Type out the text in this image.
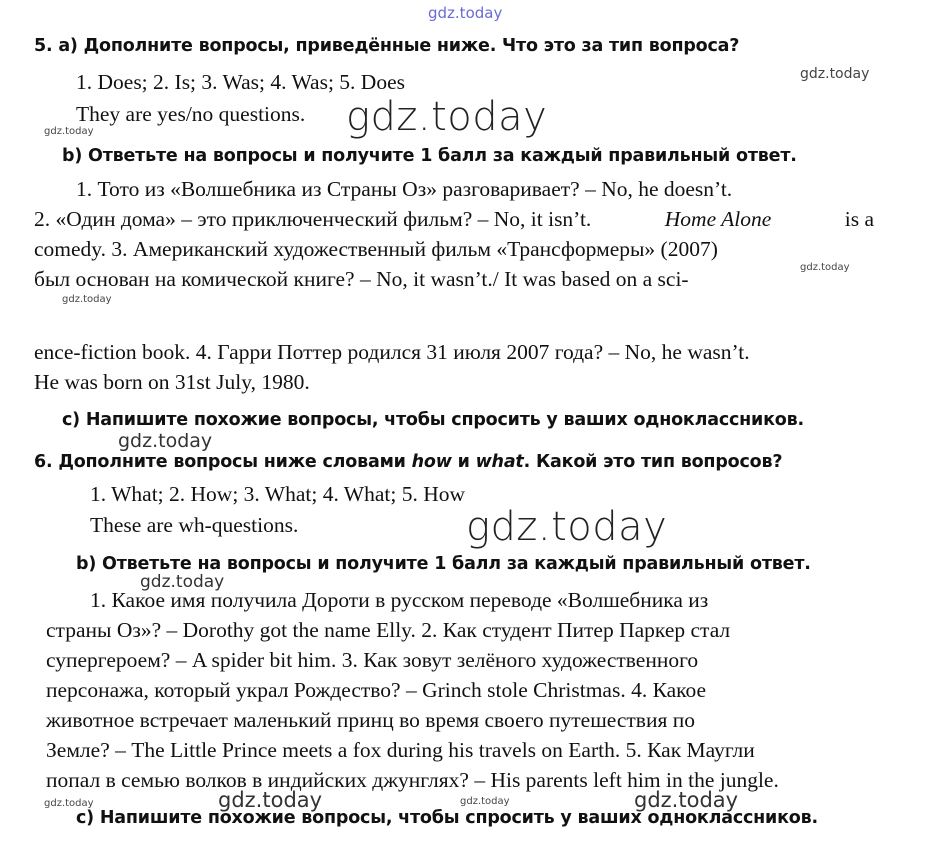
gdz.today
gdz.today
gdz.today
gdz.today
gdz.today
gdz.today
gdz.today
gdz.today
gdz.today
gdz.today	gdz.today	gdz.today	gdz.today
5. a) Дополните вопросы, приведённые ниже. Что это за тип вопроса?
1. Does; 2. Is; 3. Was; 4. Was; 5. Does
They are yes/no questions.
b) Ответьте на вопросы и получите 1 балл за каждый правильный ответ.
1. Тото из «Волшебника из Страны Оз» разговаривает? – No, he doesn’t.
2. «Один дома» – это приключенческий фильм? – No, it isn’t.	Home Alone	is a
comedy. 3. Американский художественный фильм «Трансформеры» (2007)
был основан на комической книге? – No, it wasn’t./ It was based on a sci-
ence-fiction book. 4. Гарри Поттер родился 31 июля 2007 года? – No, he wasn’t.
He was born on 31st July, 1980.
c) Напишите похожие вопросы, чтобы спросить у ваших одноклассников.
6. Дополните вопросы ниже словами how и what. Какой это тип вопросов?
1. What; 2. How; 3. What; 4. What; 5. How
These are wh-questions.
b) Ответьте на вопросы и получите 1 балл за каждый правильный ответ.
1. Какое имя получила Дороти в русском переводе «Волшебника из
страны Оз»? – Dorothy got the name Elly. 2. Как студент Питер Паркер стал
супергероем? – A spider bit him. 3. Как зовут зелёного художественного
персонажа, который украл Рождество? – Grinch stole Christmas. 4. Какое
животное встречает маленький принц во время своего путешествия по
Земле? – The Little Prince meets a fox during his travels on Earth. 5. Как Маугли
попал в семью волков в индийских джунглях? – His parents left him in the jungle.
c) Напишите похожие вопросы, чтобы спросить у ваших одноклассников.
